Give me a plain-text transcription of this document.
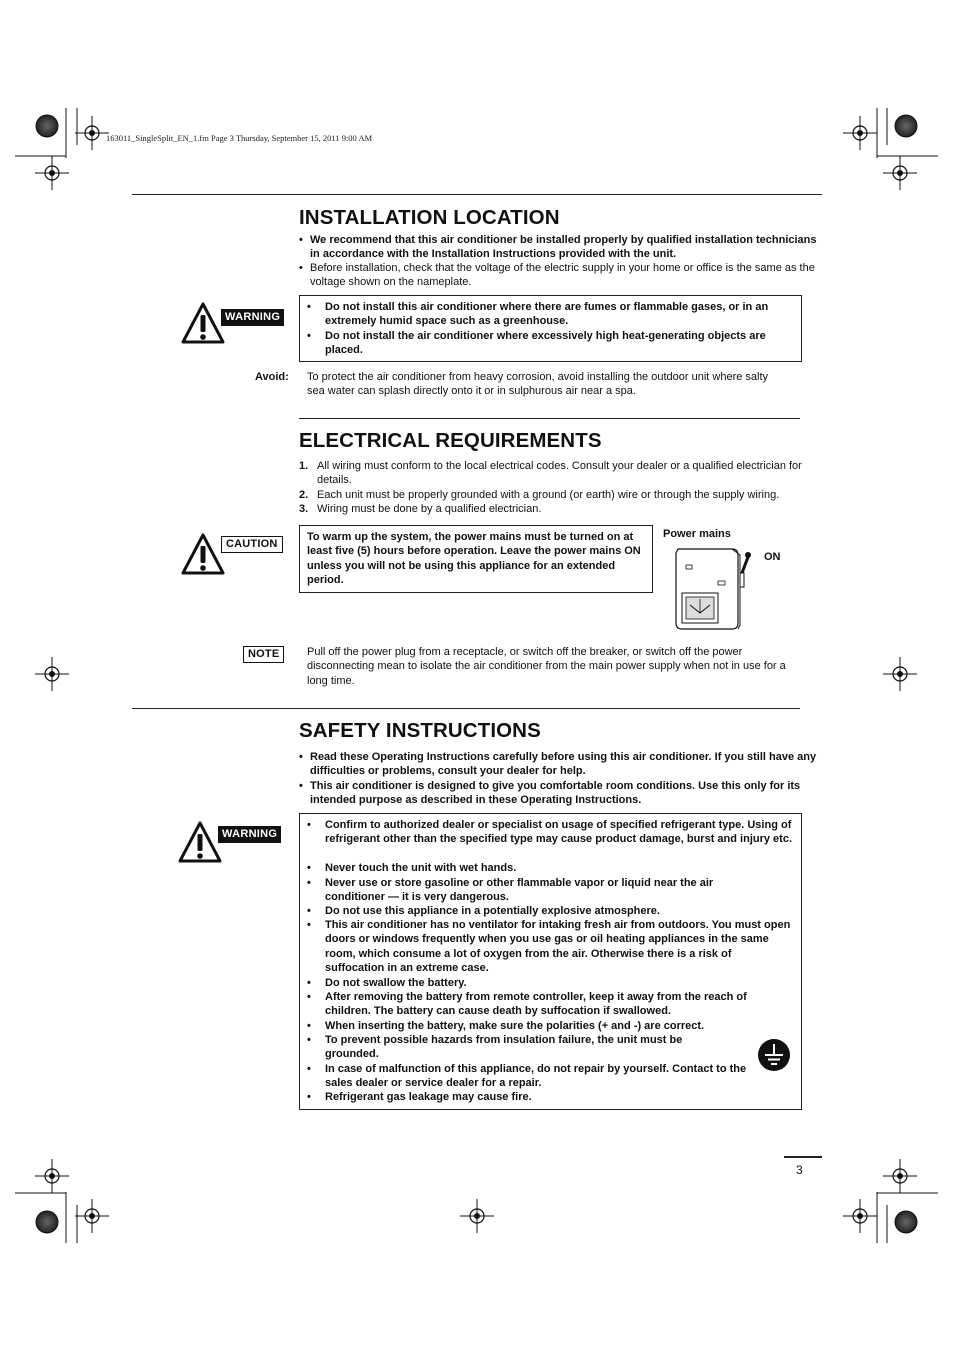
163011_SingleSplit_EN_1.fm Page 3 Thursday, September 15, 2011 9:00 AM
INSTALLATION LOCATION
• We recommend that this air conditioner be installed properly by qualified installation technicians in accordance with the Installation Instructions provided with the unit.
• Before installation, check that the voltage of the electric supply in your home or office is the same as the voltage shown on the nameplate.
WARNING
•	Do not install this air conditioner where there are fumes or flammable gases, or in an extremely humid space such as a greenhouse.
•	Do not install the air conditioner where excessively high heat-generating objects are placed.
Avoid: To protect the air conditioner from heavy corrosion, avoid installing the outdoor unit where salty sea water can splash directly onto it or in sulphurous air near a spa.
ELECTRICAL REQUIREMENTS
1. All wiring must conform to the local electrical codes. Consult your dealer or a qualified electrician for details.
2. Each unit must be properly grounded with a ground (or earth) wire or through the supply wiring.
3. Wiring must be done by a qualified electrician.
CAUTION
To warm up the system, the power mains must be turned on at least five (5) hours before operation. Leave the power mains ON unless you will not be using this appliance for an extended period.
Power mains
ON
NOTE	Pull off the power plug from a receptacle, or switch off the breaker, or switch off the power disconnecting mean to isolate the air conditioner from the main power supply when not in use for a long time.
SAFETY INSTRUCTIONS
• Read these Operating Instructions carefully before using this air conditioner. If you still have any difficulties or problems, consult your dealer for help.
• This air conditioner is designed to give you comfortable room conditions. Use this only for its intended purpose as described in these Operating Instructions.
WARNING
•	Confirm to authorized dealer or specialist on usage of specified refrigerant type. Using of refrigerant other than the specified type may cause product damage, burst and injury etc.
•	Never touch the unit with wet hands.
•	Never use or store gasoline or other flammable vapor or liquid near the air conditioner — it is very dangerous.
•	Do not use this appliance in a potentially explosive atmosphere.
•	This air conditioner has no ventilator for intaking fresh air from outdoors. You must open doors or windows frequently when you use gas or oil heating appliances in the same room, which consume a lot of oxygen from the air. Otherwise there is a risk of suffocation in an extreme case.
•	Do not swallow the battery.
•	After removing the battery from remote controller, keep it away from the reach of children. The battery can cause death by suffocation if swallowed.
•	When inserting the battery, make sure the polarities (+ and -) are correct.
•	To prevent possible hazards from insulation failure, the unit must be grounded.
•	In case of malfunction of this appliance, do not repair by yourself. Contact to the sales dealer or service dealer for a repair.
•	Refrigerant gas leakage may cause fire.
3
